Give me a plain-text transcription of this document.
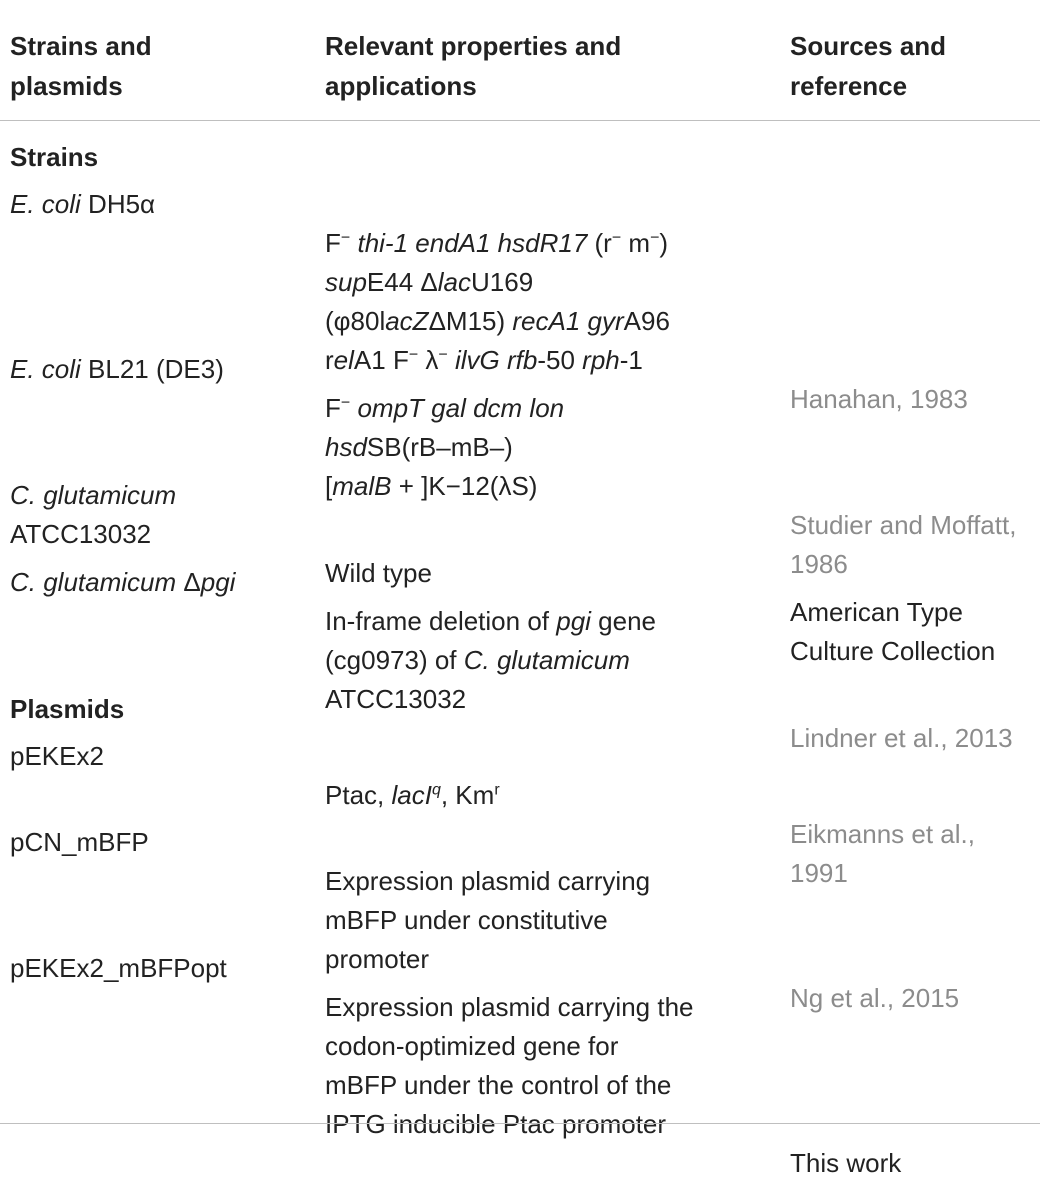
Strains and
plasmids
Relevant properties and
applications
Sources and
reference
Strains
E. coli DH5α
F− thi-1 endA1 hsdR17 (r− m−)
supE44 ΔlacU169
(φ80lacZΔM15) recA1 gyrA96
relA1 F− λ− ilvG rfb-50 rph-1
Hanahan, 1983
E. coli BL21 (DE3)
F− ompT gal dcm lon
hsdSB(rB–mB–)
[malB + ]K−12(λS)
Studier and Moffatt,
1986
C. glutamicum
ATCC13032
Wild type
American Type
Culture Collection
C. glutamicum Δpgi
In-frame deletion of pgi gene
(cg0973) of C. glutamicum
ATCC13032
Lindner et al., 2013
Plasmids
pEKEx2
Ptac, lacI$^q$, Km$^r$
Eikmanns et al.,
1991
pCN_mBFP
Expression plasmid carrying
mBFP under constitutive
promoter
Ng et al., 2015
pEKEx2_mBFPopt
Expression plasmid carrying the
codon-optimized gene for
mBFP under the control of the
IPTG inducible Ptac promoter
This work
